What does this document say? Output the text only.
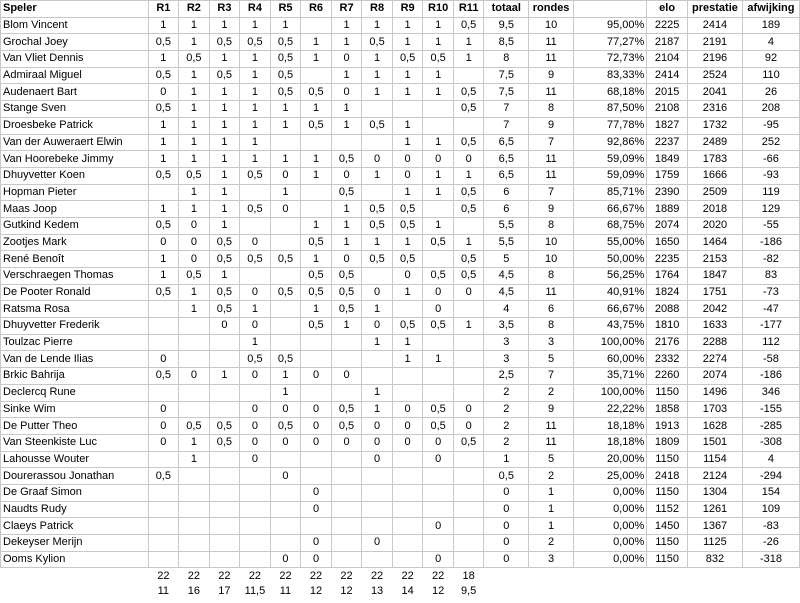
Speler	R1	R2	R3	R4	R5	R6	R7	R8	R9	R10	R11	totaal	rondes		elo	prestatie	afwijking
Blom Vincent	1	1	1	1	1		1	1	1	1	0,5	9,5	10	95,00%	2225	2414	189
Grochal Joey	0,5	1	0,5	0,5	0,5	1	1	0,5	1	1	1	8,5	11	77,27%	2187	2191	4
Van Vliet Dennis	1	0,5	1	1	0,5	1	0	1	0,5	0,5	1	8	11	72,73%	2104	2196	92
Admiraal Miguel	0,5	1	0,5	1	0,5		1	1	1	1		7,5	9	83,33%	2414	2524	110
Audenaert Bart	0	1	1	1	0,5	0,5	0	1	1	1	0,5	7,5	11	68,18%	2015	2041	26
Stange Sven	0,5	1	1	1	1	1	1				0,5	7	8	87,50%	2108	2316	208
Droesbeke Patrick	1	1	1	1	1	0,5	1	0,5	1			7	9	77,78%	1827	1732	-95
Van der Auweraert Elwin	1	1	1	1					1	1	0,5	6,5	7	92,86%	2237	2489	252
Van Hoorebeke Jimmy	1	1	1	1	1	1	0,5	0	0	0	0	6,5	11	59,09%	1849	1783	-66
Dhuyvetter Koen	0,5	0,5	1	0,5	0	1	0	1	0	1	1	6,5	11	59,09%	1759	1666	-93
Hopman Pieter		1	1		1		0,5		1	1	0,5	6	7	85,71%	2390	2509	119
Maas Joop	1	1	1	0,5	0		1	0,5	0,5		0,5	6	9	66,67%	1889	2018	129
Gutkind Kedem	0,5	0	1			1	1	0,5	0,5	1		5,5	8	68,75%	2074	2020	-55
Zootjes Mark	0	0	0,5	0		0,5	1	1	1	0,5	1	5,5	10	55,00%	1650	1464	-186
René Benoît	1	0	0,5	0,5	0,5	1	0	0,5	0,5		0,5	5	10	50,00%	2235	2153	-82
Verschraegen Thomas	1	0,5	1			0,5	0,5		0	0,5	0,5	4,5	8	56,25%	1764	1847	83
De Pooter Ronald	0,5	1	0,5	0	0,5	0,5	0,5	0	1	0	0	4,5	11	40,91%	1824	1751	-73
Ratsma Rosa		1	0,5	1		1	0,5	1		0		4	6	66,67%	2088	2042	-47
Dhuyvetter Frederik			0	0		0,5	1	0	0,5	0,5	1	3,5	8	43,75%	1810	1633	-177
Toulzac Pierre				1				1	1			3	3	100,00%	2176	2288	112
Van de Lende Ilias	0			0,5	0,5				1	1		3	5	60,00%	2332	2274	-58
Brkic Bahrija	0,5	0	1	0	1	0	0					2,5	7	35,71%	2260	2074	-186
Declercq Rune					1			1				2	2	100,00%	1150	1496	346
Sinke Wim	0			0	0	0	0,5	1	0	0,5	0	2	9	22,22%	1858	1703	-155
De Putter Theo	0	0,5	0,5	0	0,5	0	0,5	0	0	0,5	0	2	11	18,18%	1913	1628	-285
Van Steenkiste Luc	0	1	0,5	0	0	0	0	0	0	0	0,5	2	11	18,18%	1809	1501	-308
Lahousse Wouter		1		0				0		0		1	5	20,00%	1150	1154	4
Dourerassou Jonathan	0,5				0							0,5	2	25,00%	2418	2124	-294
De Graaf Simon						0						0	1	0,00%	1150	1304	154
Naudts Rudy						0						0	1	0,00%	1152	1261	109
Claeys Patrick										0		0	1	0,00%	1450	1367	-83
Dekeyser Merijn						0		0				0	2	0,00%	1150	1125	-26
Ooms Kylion					0	0				0		0	3	0,00%	1150	832	-318
	22	22	22	22	22	22	22	22	22	22	18						
	11	16	17	11,5	11	12	12	13	14	12	9,5						
